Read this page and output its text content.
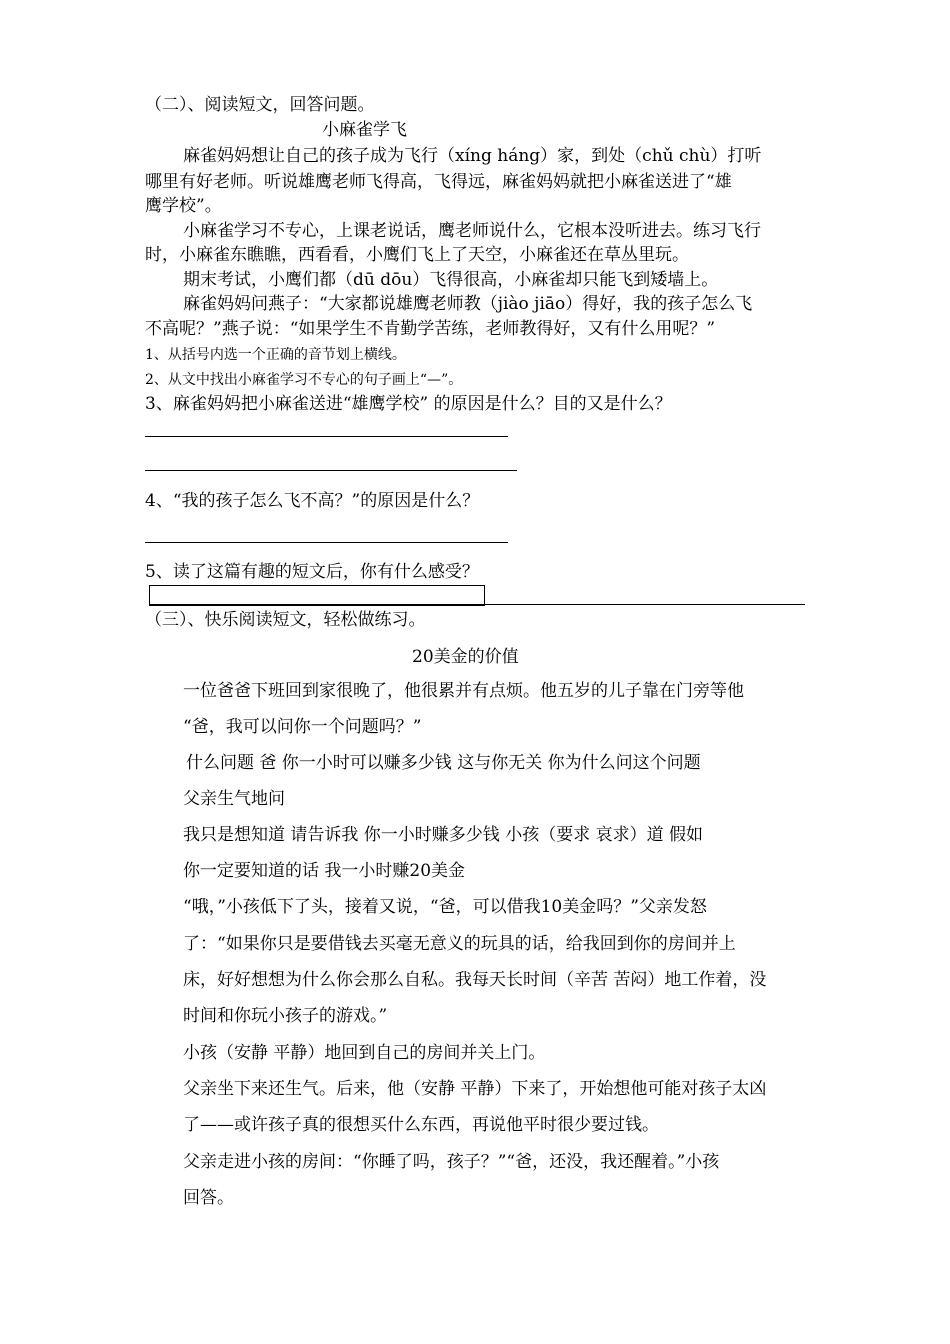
（二）、阅读短文，回答问题。
小麻雀学飞
麻雀妈妈想让自己的孩子成为飞行（xíng háng）家，到处（chǔ chù）打听
哪里有好老师。听说雄鹰老师飞得高，飞得远，麻雀妈妈就把小麻雀送进了“雄
鹰学校”。
小麻雀学习不专心，上课老说话，鹰老师说什么，它根本没听进去。练习飞行
时，小麻雀东瞧瞧，西看看，小鹰们飞上了天空，小麻雀还在草丛里玩。
期末考试，小鹰们都（dū dōu）飞得很高，小麻雀却只能飞到矮墙上。
麻雀妈妈问燕子：“大家都说雄鹰老师教（jiào jiāo）得好，我的孩子怎么飞
不高呢？”燕子说：“如果学生不肯勤学苦练，老师教得好，又有什么用呢？”
1、从括号内选一个正确的音节划上横线。
2、从文中找出小麻雀学习不专心的句子画上“—”。
3、麻雀妈妈把小麻雀送进“雄鹰学校” 的原因是什么？目的又是什么？
4、“我的孩子怎么飞不高？”的原因是什么？
5、读了这篇有趣的短文后，你有什么感受？
（三）、快乐阅读短文，轻松做练习。
20美金的价值
一位爸爸下班回到家很晚了，他很累并有点烦。他五岁的儿子靠在门旁等他
“爸，我可以问你一个问题吗？”
什么问题 爸 你一小时可以赚多少钱 这与你无关 你为什么问这个问题
父亲生气地问
我只是想知道 请告诉我 你一小时赚多少钱 小孩（要求 哀求）道 假如
你一定要知道的话 我一小时赚20美金
“哦，”小孩低下了头，接着又说，“爸，可以借我10美金吗？”父亲发怒
了：“如果你只是要借钱去买毫无意义的玩具的话，给我回到你的房间并上
床，好好想想为什么你会那么自私。我每天长时间（辛苦 苦闷）地工作着，没
时间和你玩小孩子的游戏。”
小孩（安静 平静）地回到自己的房间并关上门。
父亲坐下来还生气。后来，他（安静 平静）下来了，开始想他可能对孩子太凶
了——或许孩子真的很想买什么东西，再说他平时很少要过钱。
父亲走进小孩的房间：“你睡了吗，孩子？”“爸，还没，我还醒着。”小孩
回答。
